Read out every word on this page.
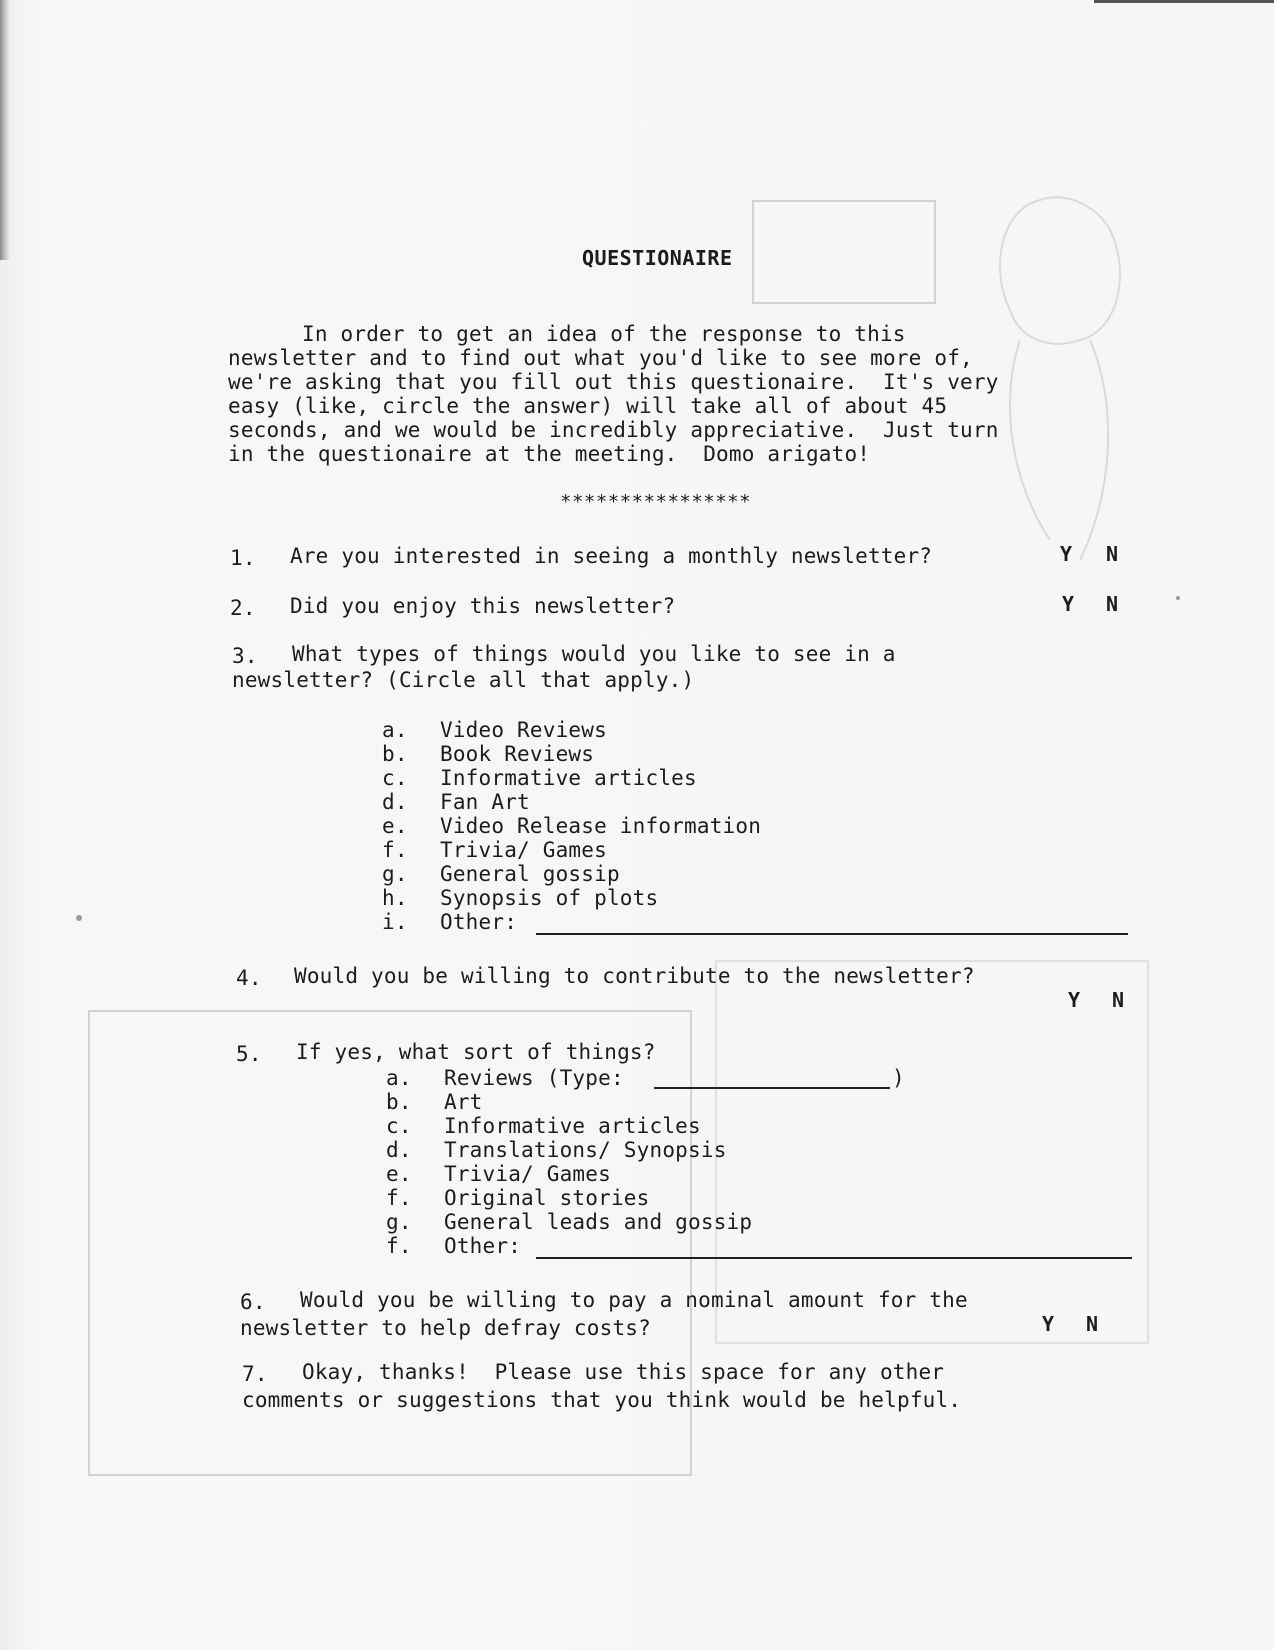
QUESTIONAIRE
In order to get an idea of the response to this
newsletter and to find out what you'd like to see more of,
we're asking that you fill out this questionaire.  It's very
easy (like, circle the answer) will take all of about 45
seconds, and we would be incredibly appreciative.  Just turn
in the questionaire at the meeting.  Domo arigato!
****************
1. Are you interested in seeing a monthly newsletter?	Y N
2. Did you enjoy this newsletter?	Y N
3. What types of things would you like to see in a
newsletter? (Circle all that apply.)
a.	Video Reviews
b.	Book Reviews
c.	Informative articles
d.	Fan Art
e.	Video Release information
f.	Trivia/ Games
g.	General gossip
h.	Synopsis of plots
i.	Other:
4. Would you be willing to contribute to the newsletter?
Y N
5. If yes, what sort of things?
a.	Reviews (Type:	)
b.	Art
c.	Informative articles
d.	Translations/ Synopsis
e.	Trivia/ Games
f.	Original stories
g.	General leads and gossip
f.	Other:
6. Would you be willing to pay a nominal amount for the
newsletter to help defray costs?	Y N
7. Okay, thanks!  Please use this space for any other
comments or suggestions that you think would be helpful.
